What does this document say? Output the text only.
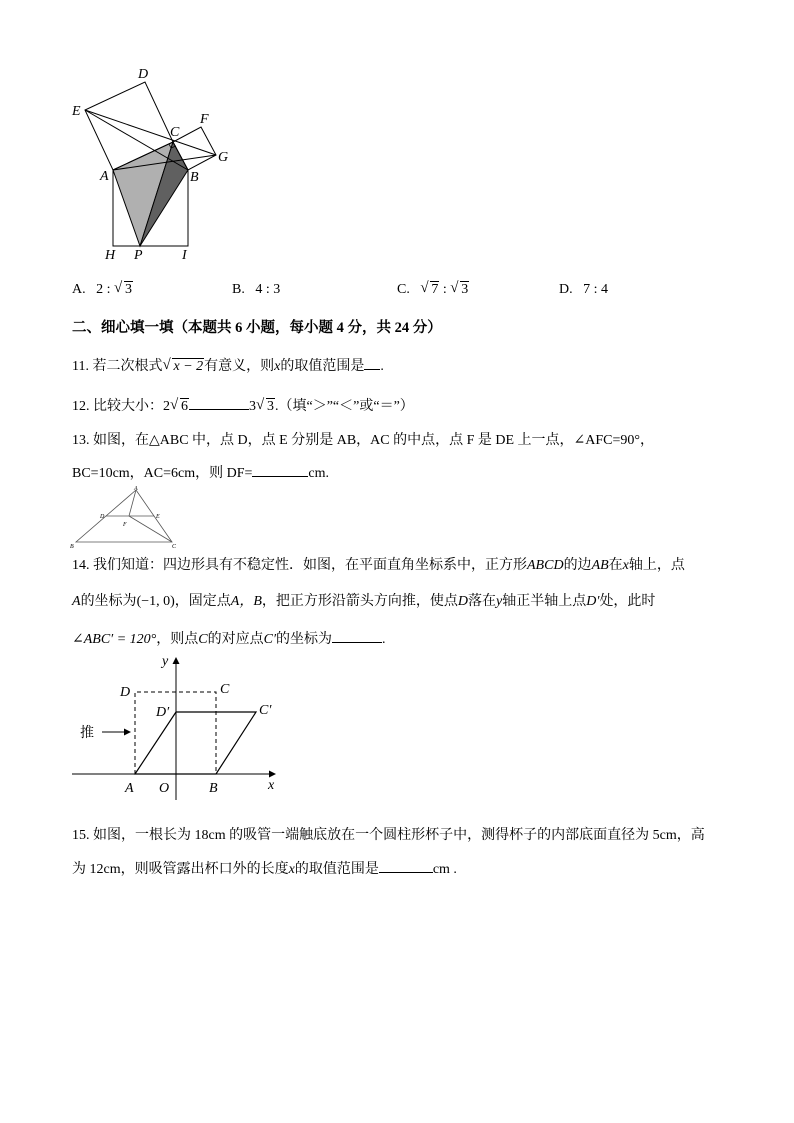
D
E
F
C
G
A	B
H P	I
A. 2 : √ 3	B. 4 : 3	C. √ 7 : √ 3	D. 7 : 4
二、细心填一填（本题共 6 小题，每小题 4 分，共 24 分）
11. 若二次根式 √ x − 2有意义，则x的取值范围是 .
12. 比较大小：2 √ 6	3 √ 3.（填“＞”“＜”或“＝”）
13. 如图，在△ABC 中，点 D，点 E 分别是 AB，AC 的中点，点 F 是 DE 上一点，∠AFC=90°，
BC=10cm，AC=6cm，则 DF=	cm.
A
D	E
F
B	C
14. 我们知道：四边形具有不稳定性．如图，在平面直角坐标系中，正方形ABCD的边AB在x轴上，点
A的坐标为(−1, 0)，固定点A，B，把正方形沿箭头方向推，使点D落在y轴正半轴上点D′处，此时
∠ABC′ = 120°，则点C的对应点C′的坐标为	.
y
x
D	C
D′	C′
推
A O	B
15. 如图，一根长为 18cm 的吸管一端触底放在一个圆柱形杯子中，测得杯子的内部底面直径为 5cm，高
为 12cm，则吸管露出杯口外的长度x的取值范围是	cm .
